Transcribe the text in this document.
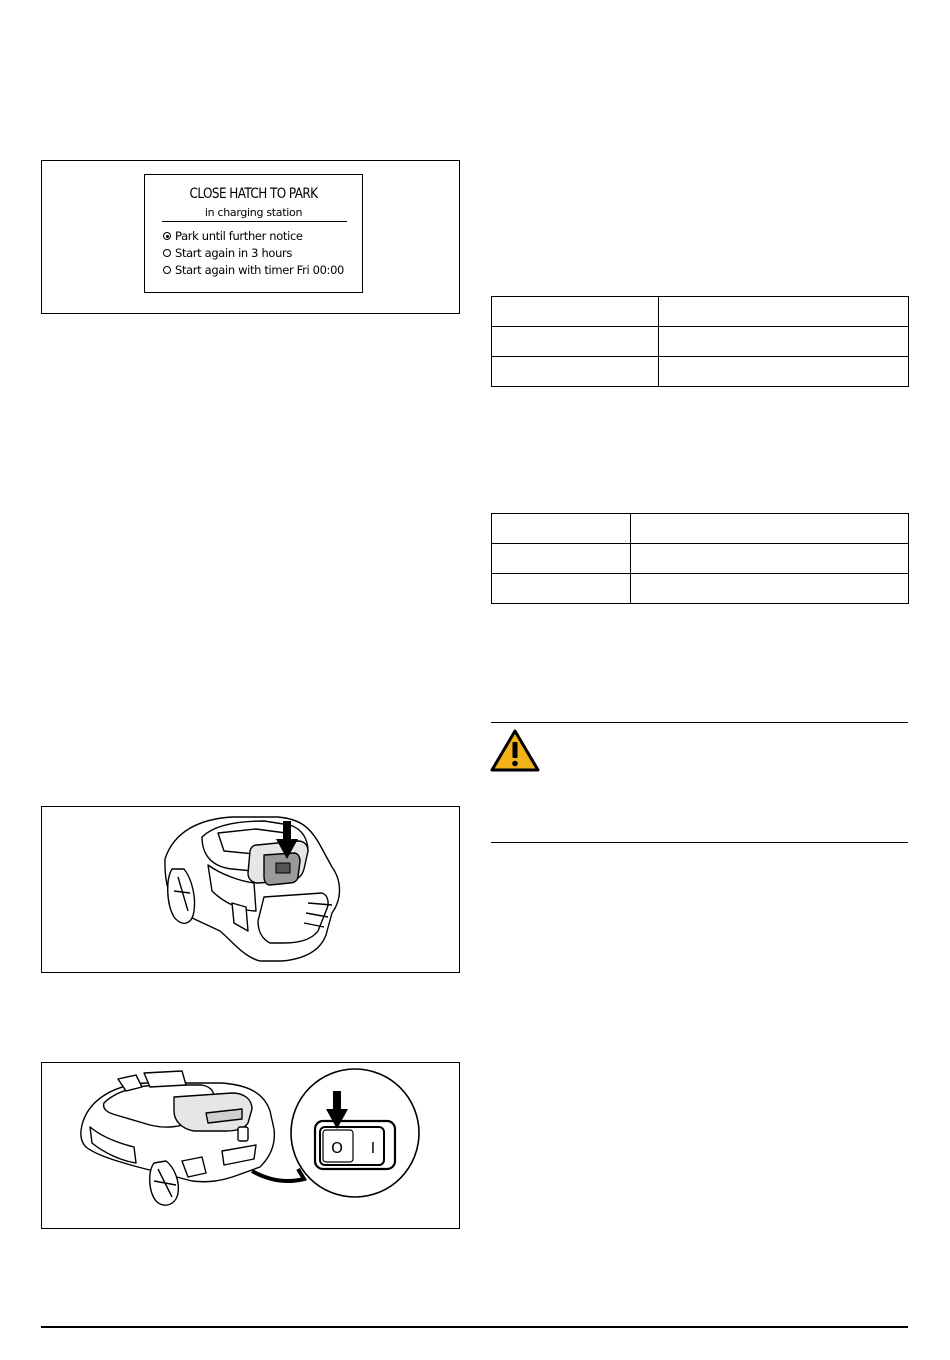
CLOSE HATCH TO PARK
in charging station
Park until further notice
Start again in 3 hours
Start again with timer Fri 00:00
O I
